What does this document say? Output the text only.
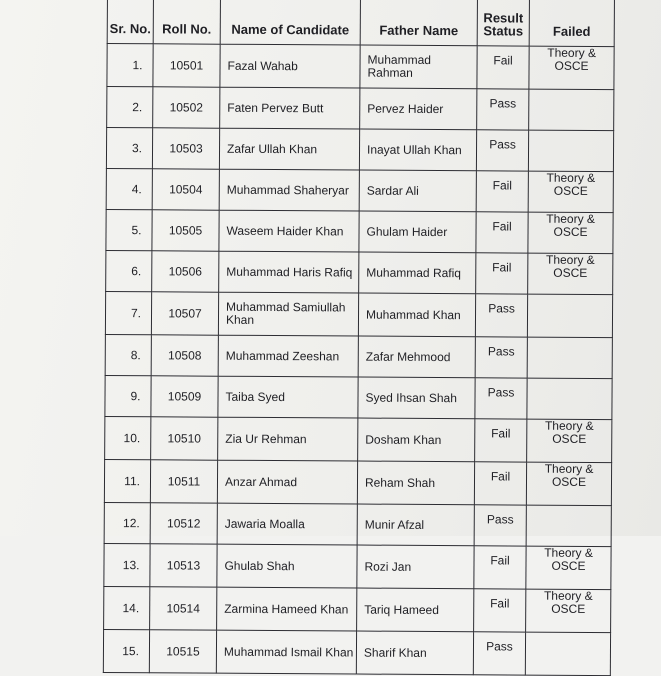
Sr. No.	Roll No.	Name of Candidate	Father Name	Result Status	Failed
1.	10501	Fazal Wahab	Muhammad Rahman	Fail	Theory & OSCE
2.	10502	Faten Pervez Butt	Pervez Haider	Pass	
3.	10503	Zafar Ullah Khan	Inayat Ullah Khan	Pass	
4.	10504	Muhammad Shaheryar	Sardar Ali	Fail	Theory & OSCE
5.	10505	Waseem Haider Khan	Ghulam Haider	Fail	Theory & OSCE
6.	10506	Muhammad Haris Rafiq	Muhammad Rafiq	Fail	Theory & OSCE
7.	10507	Muhammad Samiullah Khan	Muhammad Khan	Pass	
8.	10508	Muhammad Zeeshan	Zafar Mehmood	Pass	
9.	10509	Taiba Syed	Syed Ihsan Shah	Pass	
10.	10510	Zia Ur Rehman	Dosham Khan	Fail	Theory & OSCE
11.	10511	Anzar Ahmad	Reham Shah	Fail	Theory & OSCE
12.	10512	Jawaria Moalla	Munir Afzal	Pass	
13.	10513	Ghulab Shah	Rozi Jan	Fail	Theory & OSCE
14.	10514	Zarmina Hameed Khan	Tariq Hameed	Fail	Theory & OSCE
15.	10515	Muhammad Ismail Khan	Sharif Khan	Pass	
